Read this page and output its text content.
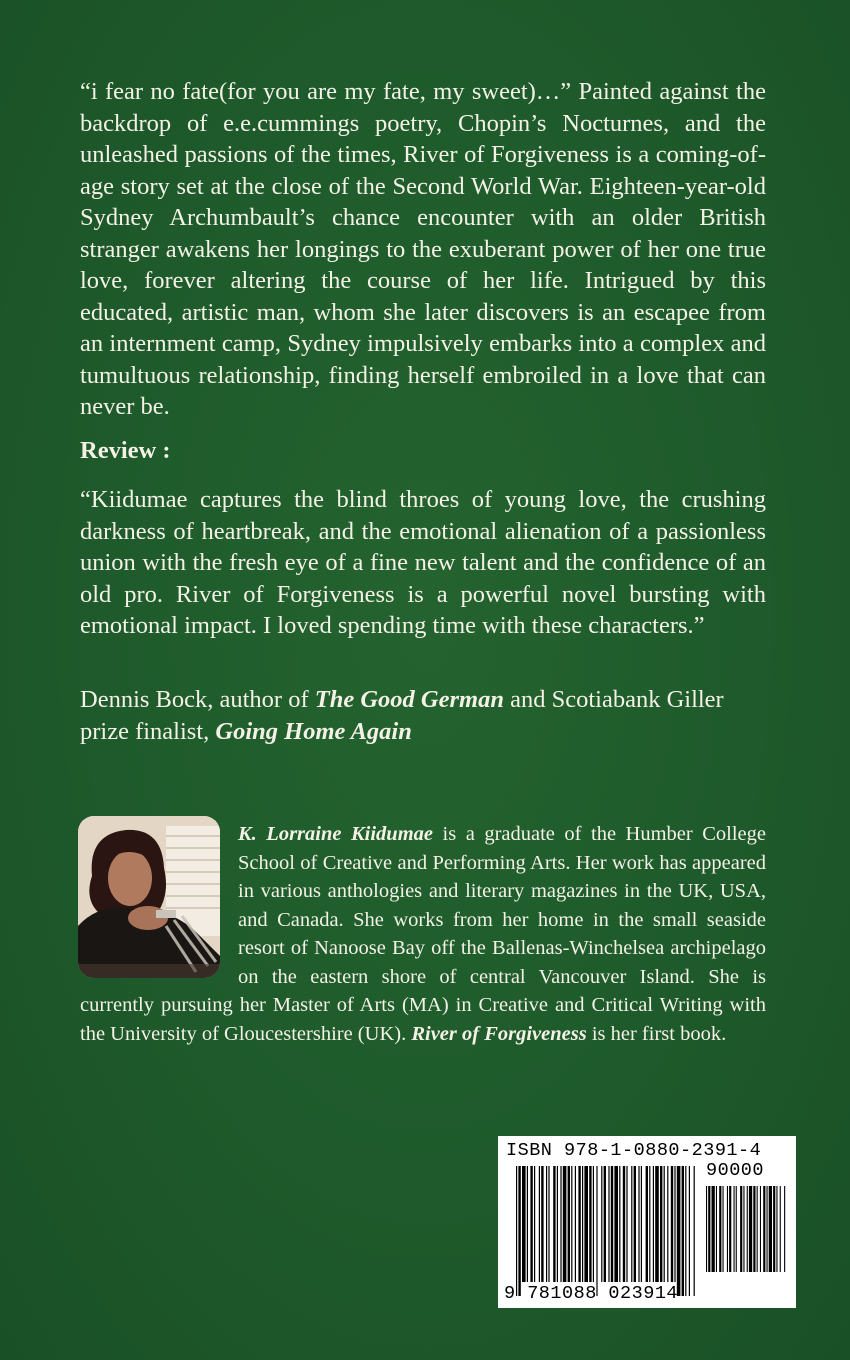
“i fear no fate(for you are my fate, my sweet)…” Painted against the backdrop of e.e.cummings poetry, Chopin’s Nocturnes, and the unleashed passions of the times, River of Forgiveness is a coming-of-age story set at the close of the Second World War. Eighteen-year-old Sydney Archumbault’s chance encounter with an older British stranger awakens her longings to the exuberant power of her one true love, forever altering the course of her life. Intrigued by this educated, artistic man, whom she later discovers is an escapee from an internment camp, Sydney impulsively embarks into a complex and tumultuous relationship, finding herself embroiled in a love that can never be.

Review :

“Kiidumae captures the blind throes of young love, the crushing darkness of heartbreak, and the emotional alienation of a passionless union with the fresh eye of a fine new talent and the confidence of an old pro. River of Forgiveness is a powerful novel bursting with emotional impact. I loved spending time with these characters.”

Dennis Bock, author of The Good German and Scotiabank Giller prize finalist, Going Home Again

K. Lorraine Kiidumae is a graduate of the Humber College School of Creative and Performing Arts. Her work has appeared in various anthologies and literary magazines in the UK, USA, and Canada. She works from her home in the small seaside resort of Nanoose Bay off the Ballenas-Winchelsea archipelago on the eastern shore of central Vancouver Island. She is currently pursuing her Master of Arts (MA) in Creative and Critical Writing with the University of Gloucestershire (UK). River of Forgiveness is her first book.

ISBN 978-1-0880-2391-4
90000
9 781088 023914
